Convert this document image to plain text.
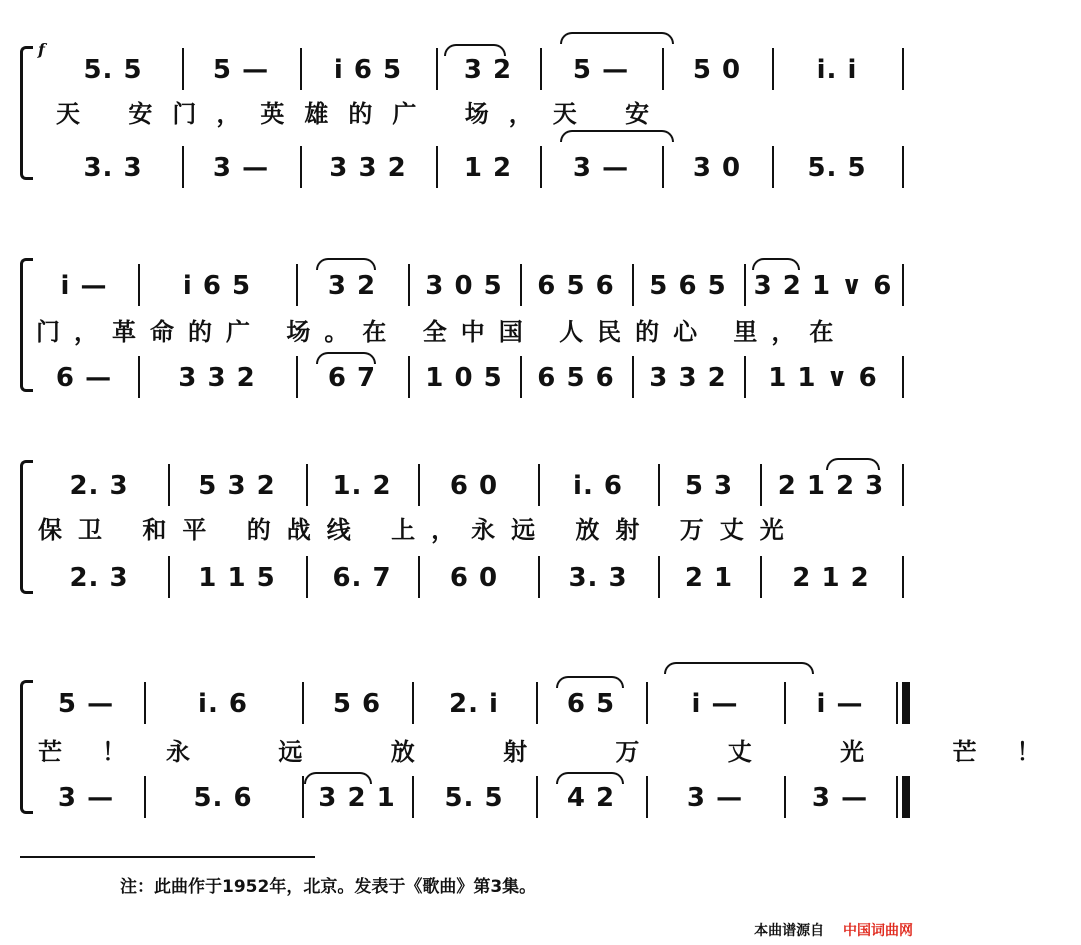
f
5. 5	5 —	i 6 5	3 2	5 —	5 0	i. i
天 安门，英雄的广 场，天 安
3. 3	3 —	3 3 2	1 2	3 —	3 0	5. 5
i —	i 6 5	3 2	3 0 5	6 5 6	5 6 5	3 2 1 ∨ 6
门，革命的广 场。在 全中国 人民的心 里，在
6 —	3 3 2	6 7	1 0 5	6 5 6	3 3 2	1 1 ∨ 6
2. 3	5 3 2	1. 2	6 0	i. 6	5 3	2 1 2 3
保卫 和平 的战线 上，永远 放射 万丈光
2. 3	1 1 5	6. 7	6 0	3. 3	2 1	2 1 2
5 —	i. 6	5 6	2. i	6 5	i —	i —
芒！永 远 放 射 万 丈 光 芒！
3 —	5. 6	3 2 1	5. 5	4 2	3 —	3 —
注：此曲作于1952年，北京。发表于《歌曲》第3集。
本曲谱源自 中国词曲网
